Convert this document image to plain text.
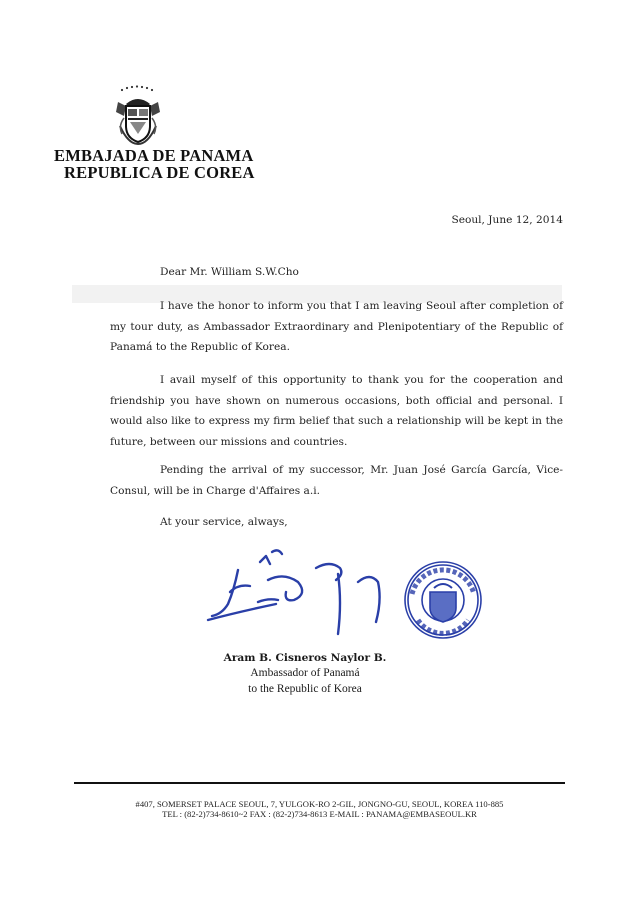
EMBAJADA DE PANAMA
REPUBLICA DE COREA
Seoul, June 12, 2014
Dear Mr. William S.W.Cho
I have the honor to inform you that I am leaving Seoul after completion of my tour duty, as Ambassador Extraordinary and Plenipotentiary of the Republic of Panamá to the Republic of Korea.
I avail myself of this opportunity to thank you for the cooperation and friendship you have shown on numerous occasions, both official and personal. I would also like to express my firm belief that such a relationship will be kept in the future, between our missions and countries.
Pending the arrival of my successor, Mr. Juan José García García, Vice-Consul, will be in Charge d'Affaires a.i.
At your service, always,
Aram B. Cisneros Naylor B.
Ambassador of Panamá
to the Republic of Korea
#407, SOMERSET PALACE SEOUL, 7, YULGOK-RO 2-GIL, JONGNO-GU, SEOUL, KOREA 110-885
TEL : (82-2)734-8610~2 FAX : (82-2)734-8613 E-MAIL : PANAMA@EMBASEOUL.KR
